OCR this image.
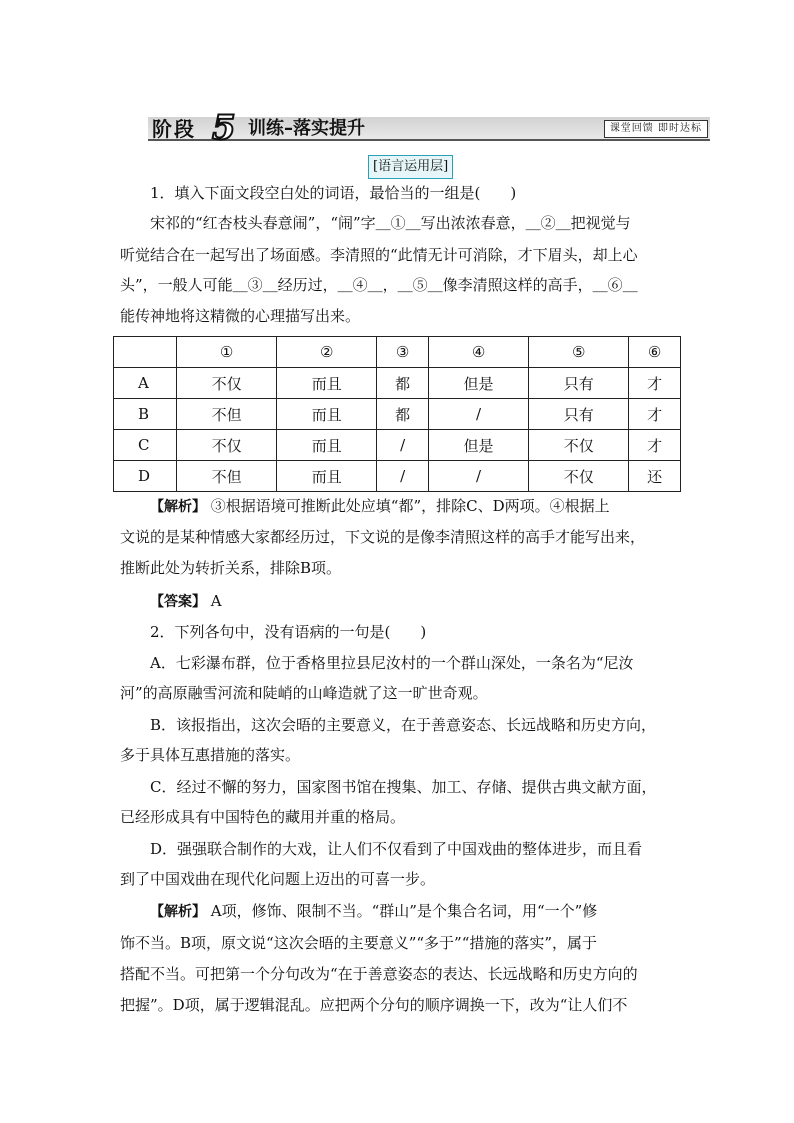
阶段 5 训练–落实提升	课堂回馈 即时达标
[语言运用层]
1．填入下面文段空白处的词语，最恰当的一组是(　　)
宋祁的“红杏枝头春意闹”，“闹”字＿①＿写出浓浓春意，＿②＿把视觉与
听觉结合在一起写出了场面感。李清照的“此情无计可消除，才下眉头，却上心
头”，一般人可能＿③＿经历过，＿④＿，＿⑤＿像李清照这样的高手，＿⑥＿
能传神地将这精微的心理描写出来。
	①	②	③	④	⑤	⑥
A	不仅	而且	都	但是	只有	才
B	不但	而且	都	/	只有	才
C	不仅	而且	/	但是	不仅	才
D	不但	而且	/	/	不仅	还
【解析】 ③根据语境可推断此处应填“都”，排除C、D两项。④根据上
文说的是某种情感大家都经历过，下文说的是像李清照这样的高手才能写出来，
推断此处为转折关系，排除B项。
【答案】 A
2．下列各句中，没有语病的一句是(　　)
A．七彩瀑布群，位于香格里拉县尼汝村的一个群山深处，一条名为“尼汝
河”的高原融雪河流和陡峭的山峰造就了这一旷世奇观。
B．该报指出，这次会晤的主要意义，在于善意姿态、长远战略和历史方向，
多于具体互惠措施的落实。
C．经过不懈的努力，国家图书馆在搜集、加工、存储、提供古典文献方面，
已经形成具有中国特色的藏用并重的格局。
D．强强联合制作的大戏，让人们不仅看到了中国戏曲的整体进步，而且看
到了中国戏曲在现代化问题上迈出的可喜一步。
【解析】 A项，修饰、限制不当。“群山”是个集合名词，用“一个”修
饰不当。B项，原文说“这次会晤的主要意义”“多于”“措施的落实”，属于
搭配不当。可把第一个分句改为“在于善意姿态的表达、长远战略和历史方向的
把握”。D项，属于逻辑混乱。应把两个分句的顺序调换一下，改为“让人们不
